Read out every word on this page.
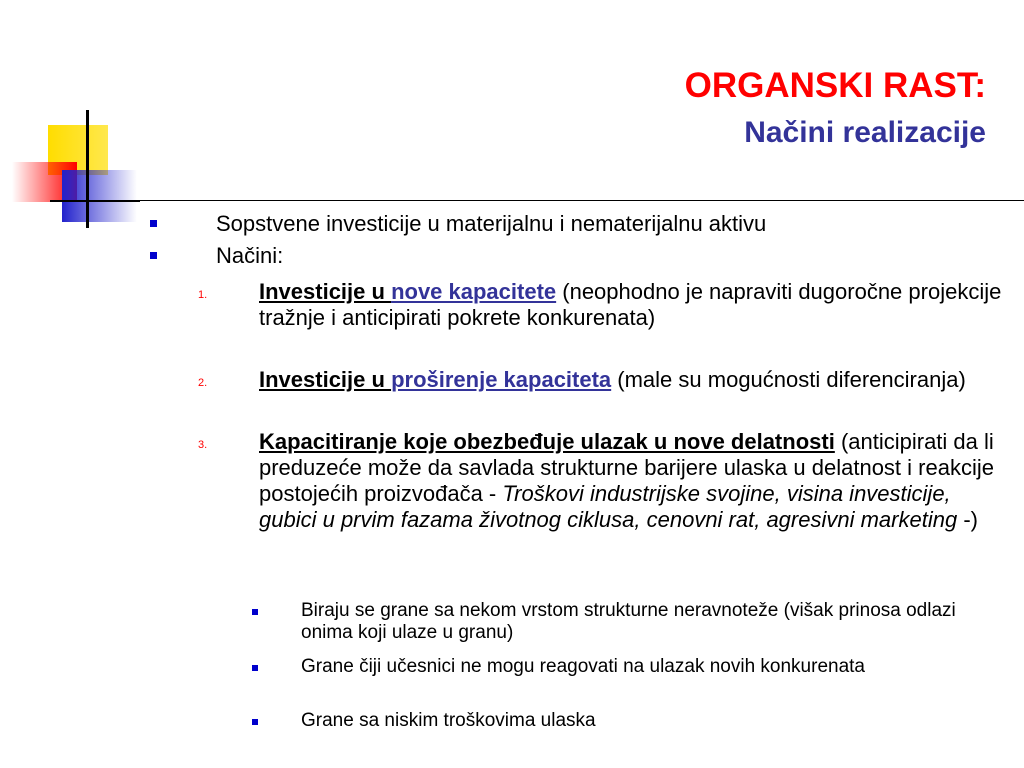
ORGANSKI RAST:
Načini realizacije
Sopstvene investicije u materijalnu i nematerijalnu aktivu
Načini:
1. Investicije u nove kapacitete (neophodno je napraviti dugoročne projekcije tražnje i anticipirati pokrete konkurenata)
2. Investicije u proširenje kapaciteta (male su mogućnosti diferenciranja)
3. Kapacitiranje koje obezbeđuje ulazak u nove delatnosti (anticipirati da li preduzeće može da savlada strukturne barijere ulaska u delatnost i reakcije postojećih proizvođača - Troškovi industrijske svojine, visina investicije, gubici u prvim fazama životnog ciklusa, cenovni rat, agresivni marketing -)
Biraju se grane sa nekom vrstom strukturne neravnoteže (višak prinosa odlazi onima koji ulaze u granu)
Grane čiji učesnici ne mogu reagovati na ulazak novih konkurenata
Grane sa niskim troškovima ulaska
